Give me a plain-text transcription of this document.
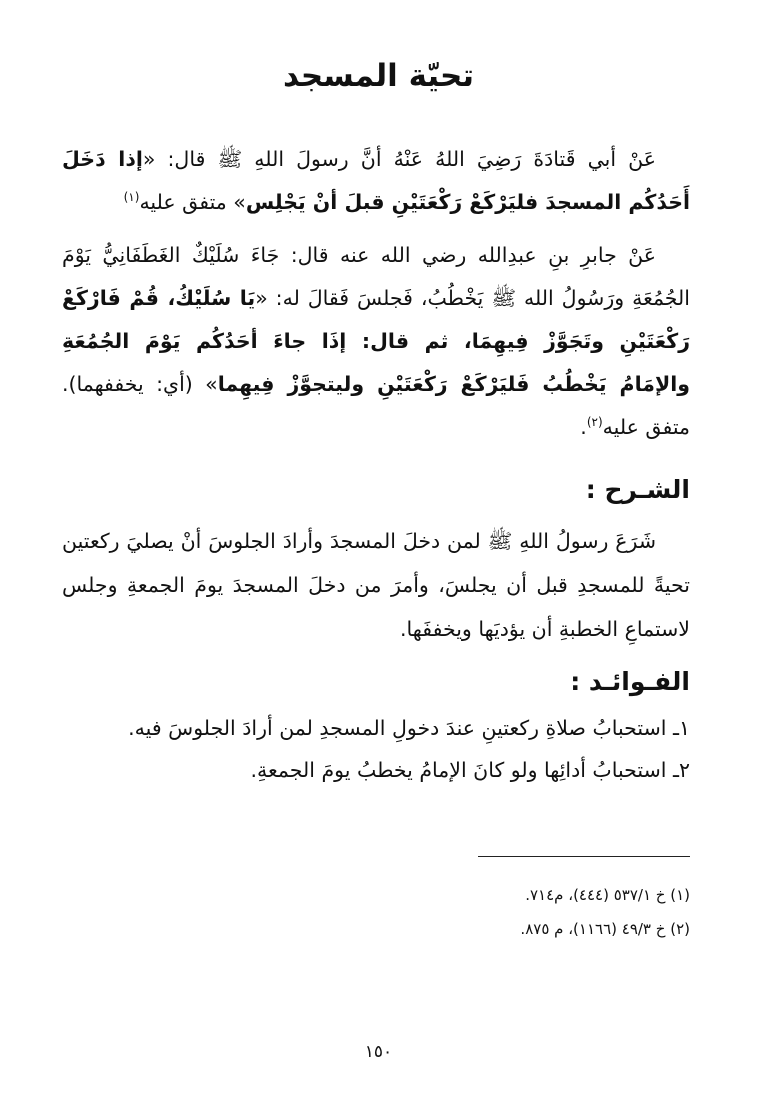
تحيّة المسجد

عَنْ أبي قَتادَةَ رَضِيَ اللهُ عَنْهُ أنَّ رسولَ اللهِ ﷺ قال: «إذا دَخَلَ أَحَدُكُم المسجدَ فليَرْكَعْ رَكْعَتَيْنِ قبلَ أنْ يَجْلِس» متفق عليه$^{(١)}$

عَنْ جابرِ بنِ عبدِالله رضي الله عنه قال: جَاءَ سُلَيْكٌ الغَطَفَانِيُّ يَوْمَ الجُمُعَةِ ورَسُولُ الله ﷺ يَخْطُبُ، فَجلسَ فَقالَ له: «يَا سُلَيْكُ، قُمْ فَارْكَعْ رَكْعَتَيْنِ وتَجَوَّزْ فِيهِمَا، ثم قال: إذَا جاءَ أحَدُكُم يَوْمَ الجُمُعَةِ والإمَامُ يَخْطُبُ فَليَرْكَعْ رَكْعَتَيْنِ وليتجوَّزْ فِيهِما» (أي: يخففهما). متفق عليه$^{(٢)}$.

الشـرح :

شَرَعَ رسولُ اللهِ ﷺ لمن دخلَ المسجدَ وأرادَ الجلوسَ أنْ يصليَ ركعتين تحيةً للمسجدِ قبل أن يجلسَ، وأمرَ من دخلَ المسجدَ يومَ الجمعةِ وجلس لاستماعِ الخطبةِ أن يؤديَها ويخففَها.

الفـوائـد :
١ـ استحبابُ صلاةِ ركعتينِ عندَ دخولِ المسجدِ لمن أرادَ الجلوسَ فيه.
٢ـ استحبابُ أدائِها ولو كانَ الإمامُ يخطبُ يومَ الجمعةِ.
(١) خ ٥٣٧/١ (٤٤٤)، م٧١٤.
(٢) خ ٤٩/٣ (١١٦٦)، م ٨٧٥.

١٥٠
